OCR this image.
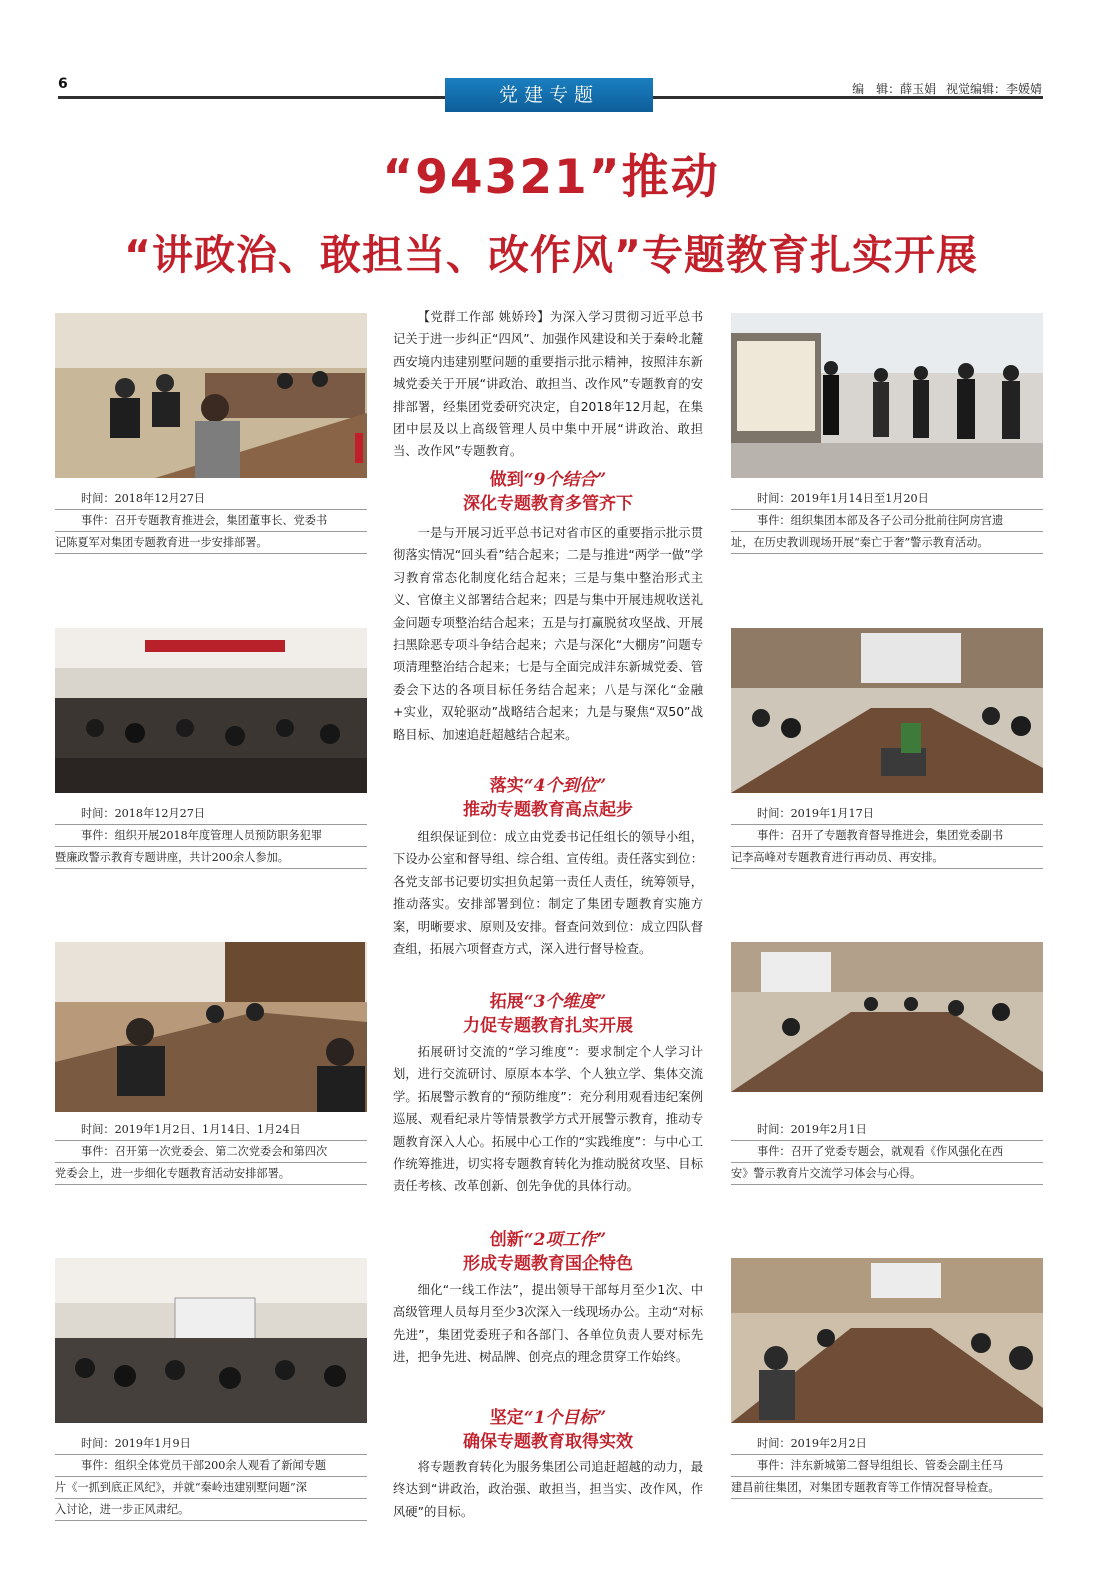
6	党建专题	编　辑：薛玉娟 视觉编辑：李媛婧
“94321”推动
“讲政治、敢担当、改作风”专题教育扎实开展
时间：2018年12月27日
事件：召开专题教育推进会，集团董事长、党委书
记陈夏军对集团专题教育进一步安排部署。
时间：2018年12月27日
事件：组织开展2018年度管理人员预防职务犯罪
暨廉政警示教育专题讲座，共计200余人参加。
时间：2019年1月2日、1月14日、1月24日
事件：召开第一次党委会、第二次党委会和第四次
党委会上，进一步细化专题教育活动安排部署。
时间：2019年1月9日
事件：组织全体党员干部200余人观看了新闻专题
片《一抓到底正风纪》，并就“秦岭违建别墅问题”深
入讨论，进一步正风肃纪。
时间：2019年1月14日至1月20日
事件：组织集团本部及各子公司分批前往阿房宫遗
址，在历史教训现场开展“秦亡于奢”警示教育活动。
时间：2019年1月17日
事件：召开了专题教育督导推进会，集团党委副书
记李高峰对专题教育进行再动员、再安排。
时间：2019年2月1日
事件：召开了党委专题会，就观看《作风强化在西
安》警示教育片交流学习体会与心得。
时间：2019年2月2日
事件：沣东新城第二督导组组长、管委会副主任马
建昌前往集团，对集团专题教育等工作情况督导检查。

【党群工作部 姚娇玲】为深入学习贯彻习近平总书记关于进一步纠正“四风”、加强作风建设和关于秦岭北麓西安境内违建别墅问题的重要指示批示精神，按照沣东新城党委关于开展“讲政治、敢担当、改作风”专题教育的安排部署，经集团党委研究决定，自2018年12月起，在集团中层及以上高级管理人员中集中开展“讲政治、敢担当、改作风”专题教育。

做到“9个结合”
深化专题教育多管齐下

一是与开展习近平总书记对省市区的重要指示批示贯彻落实情况“回头看”结合起来；二是与推进“两学一做”学习教育常态化制度化结合起来；三是与集中整治形式主义、官僚主义部署结合起来；四是与集中开展违规收送礼金问题专项整治结合起来；五是与打赢脱贫攻坚战、开展扫黑除恶专项斗争结合起来；六是与深化“大棚房”问题专项清理整治结合起来；七是与全面完成沣东新城党委、管委会下达的各项目标任务结合起来；八是与深化“金融+实业，双轮驱动”战略结合起来；九是与聚焦“双50”战略目标、加速追赶超越结合起来。

落实“4个到位”
推动专题教育高点起步

组织保证到位：成立由党委书记任组长的领导小组，下设办公室和督导组、综合组、宣传组。责任落实到位：各党支部书记要切实担负起第一责任人责任，统筹领导，推动落实。安排部署到位：制定了集团专题教育实施方案，明晰要求、原则及安排。督查问效到位：成立四队督查组，拓展六项督查方式，深入进行督导检查。

拓展“3个维度”
力促专题教育扎实开展

拓展研讨交流的“学习维度”：要求制定个人学习计划，进行交流研讨、原原本本学、个人独立学、集体交流学。拓展警示教育的“预防维度”：充分利用观看违纪案例巡展、观看纪录片等情景教学方式开展警示教育，推动专题教育深入人心。拓展中心工作的“实践维度”：与中心工作统筹推进，切实将专题教育转化为推动脱贫攻坚、目标责任考核、改革创新、创先争优的具体行动。

创新“2项工作”
形成专题教育国企特色

细化“一线工作法”，提出领导干部每月至少1次、中高级管理人员每月至少3次深入一线现场办公。主动“对标先进”，集团党委班子和各部门、各单位负责人要对标先进，把争先进、树品牌、创亮点的理念贯穿工作始终。

坚定“1个目标”
确保专题教育取得实效

将专题教育转化为服务集团公司追赶超越的动力，最终达到“讲政治，政治强、敢担当，担当实、改作风，作风硬”的目标。
